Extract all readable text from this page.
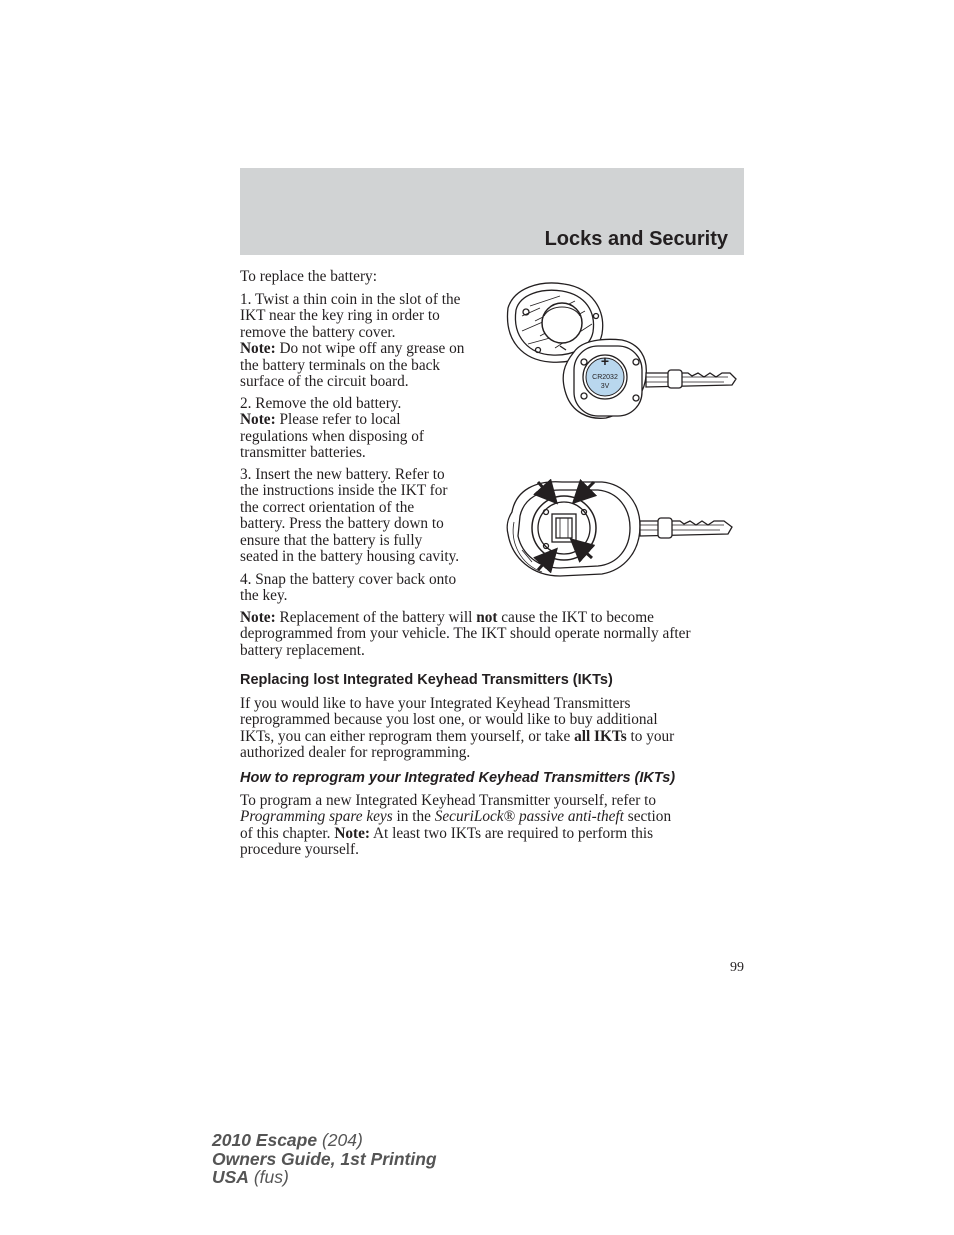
Locks and Security
To replace the battery:
1. Twist a thin coin in the slot of the
IKT near the key ring in order to
remove the battery cover.
Note: Do not wipe off any grease on
the battery terminals on the back
surface of the circuit board.
2. Remove the old battery.
Note: Please refer to local
regulations when disposing of
transmitter batteries.
3. Insert the new battery. Refer to
the instructions inside the IKT for
the correct orientation of the
battery. Press the battery down to
ensure that the battery is fully
seated in the battery housing cavity.
4. Snap the battery cover back onto
the key.
Note: Replacement of the battery will not cause the IKT to become
deprogrammed from your vehicle. The IKT should operate normally after
battery replacement.
Replacing lost Integrated Keyhead Transmitters (IKTs)
If you would like to have your Integrated Keyhead Transmitters
reprogrammed because you lost one, or would like to buy additional
IKTs, you can either reprogram them yourself, or take all IKTs to your
authorized dealer for reprogramming.
How to reprogram your Integrated Keyhead Transmitters (IKTs)
To program a new Integrated Keyhead Transmitter yourself, refer to
Programming spare keys in the SecuriLock® passive anti-theft section
of this chapter. Note: At least two IKTs are required to perform this
procedure yourself.
+
CR2032
3V
99
2010 Escape (204)
Owners Guide, 1st Printing
USA (fus)
